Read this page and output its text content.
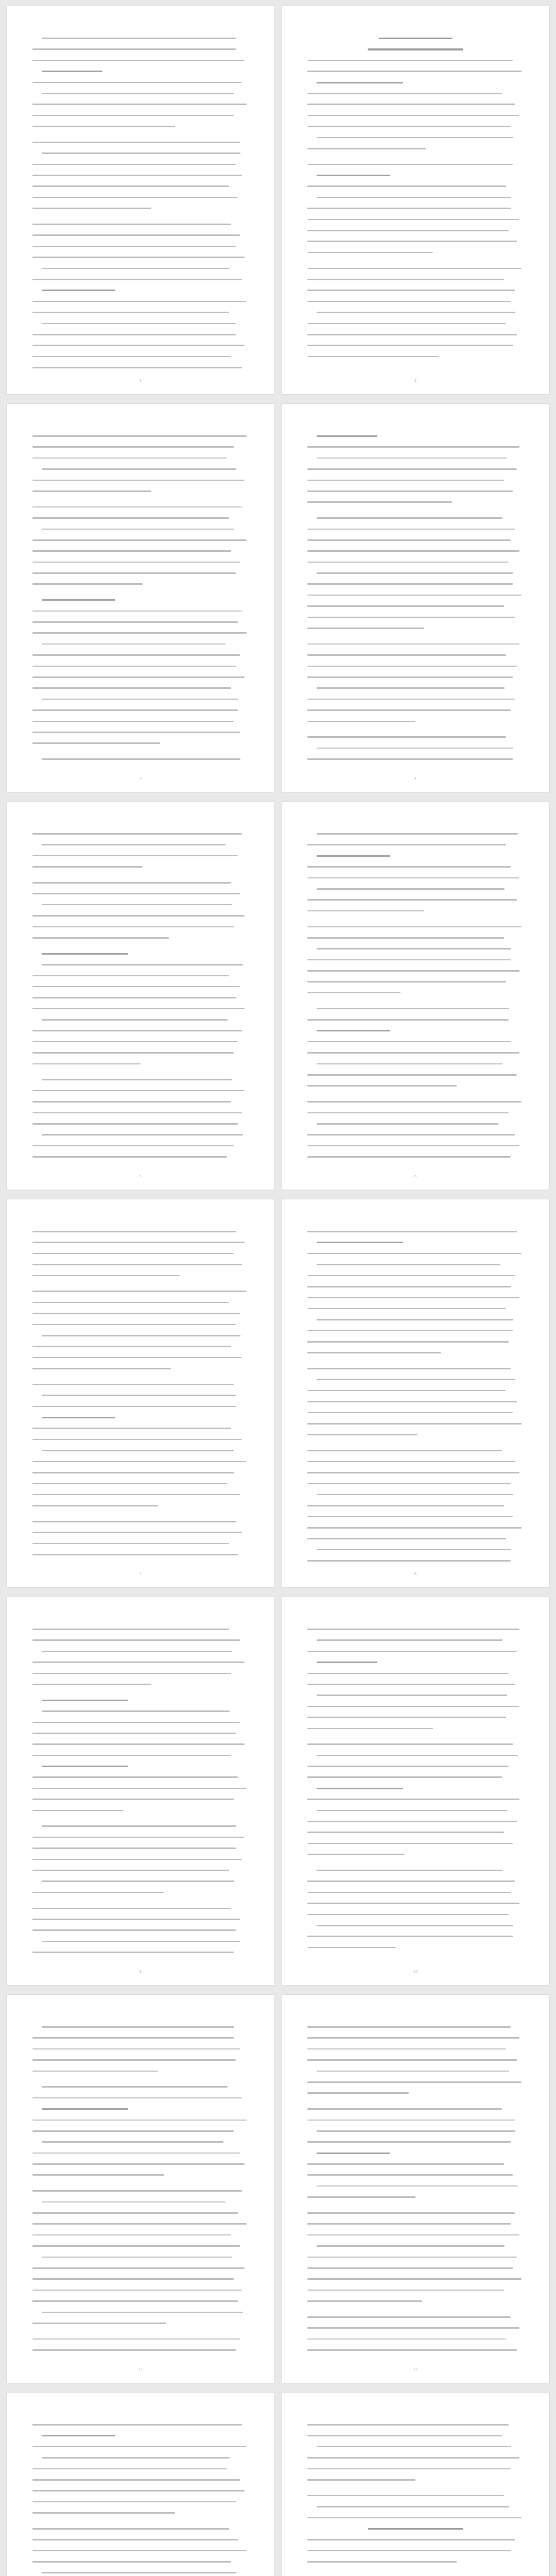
1	2
3	4
5	6
7	8
9	10
11	12
